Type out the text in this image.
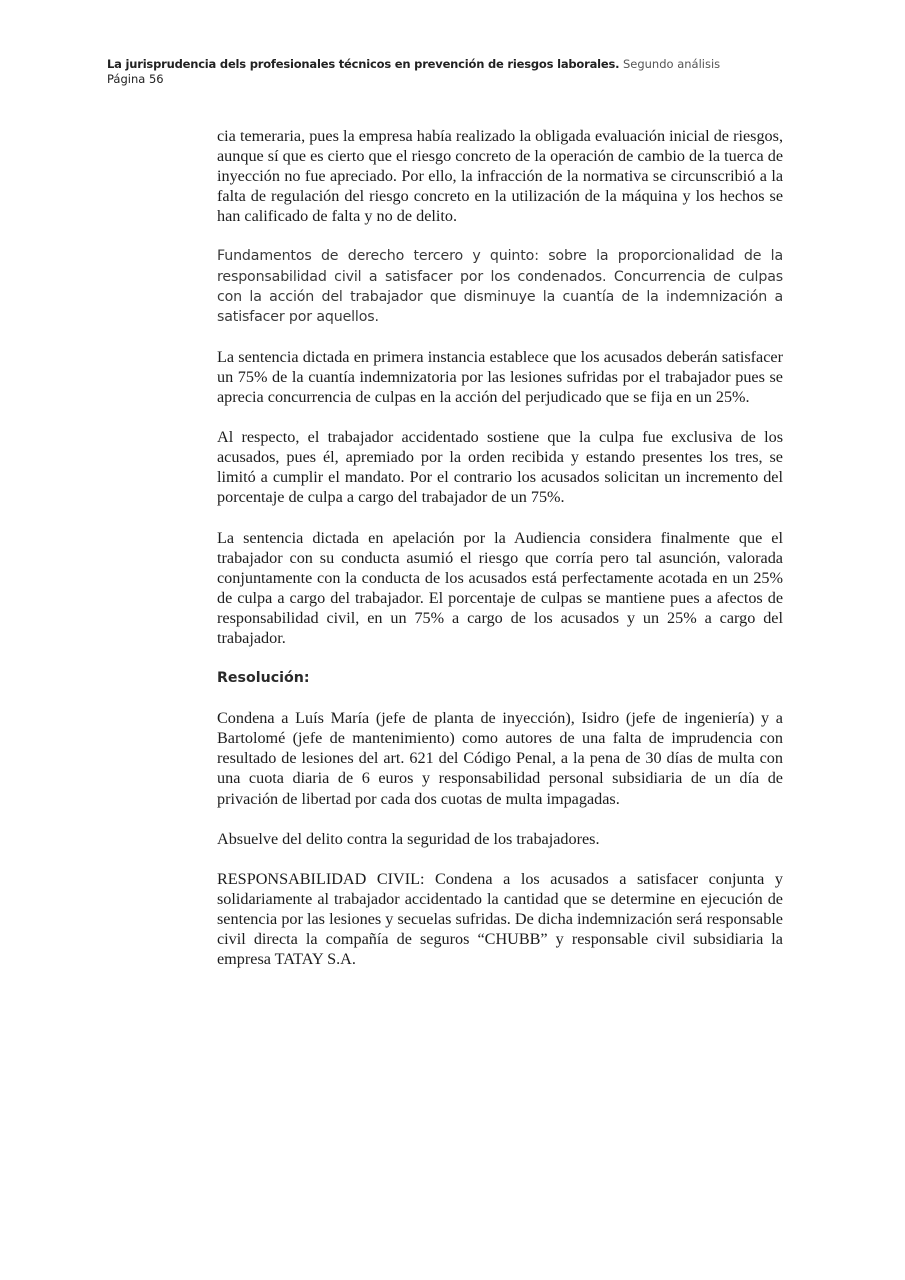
La jurisprudencia dels profesionales técnicos en prevención de riesgos laborales. Segundo análisis
Página 56

cia temeraria, pues la empresa había realizado la obligada evaluación inicial de riesgos, aunque sí que es cierto que el riesgo concreto de la operación de cambio de la tuerca de inyección no fue apreciado. Por ello, la infracción de la normativa se circunscribió a la falta de regulación del riesgo concreto en la utilización de la máquina y los hechos se han calificado de falta y no de delito.

Fundamentos de derecho tercero y quinto: sobre la proporcionalidad de la responsabilidad civil a satisfacer por los condenados. Concurrencia de culpas con la acción del trabajador que disminuye la cuantía de la indemnización a satisfacer por aquellos.

La sentencia dictada en primera instancia establece que los acusados deberán satisfacer un 75% de la cuantía indemnizatoria por las lesiones sufridas por el trabajador pues se aprecia concurrencia de culpas en la acción del perjudicado que se fija en un 25%.

Al respecto, el trabajador accidentado sostiene que la culpa fue exclusiva de los acusados, pues él, apremiado por la orden recibida y estando presentes los tres, se limitó a cumplir el mandato. Por el contrario los acusados solicitan un incremento del porcentaje de culpa a cargo del trabajador de un 75%.

La sentencia dictada en apelación por la Audiencia considera finalmente que el trabajador con su conducta asumió el riesgo que corría pero tal asunción, valorada conjuntamente con la conducta de los acusados está perfectamente acotada en un 25% de culpa a cargo del trabajador. El porcentaje de culpas se mantiene pues a afectos de responsabilidad civil, en un 75% a cargo de los acusados y un 25% a cargo del trabajador.

Resolución:

Condena a Luís María (jefe de planta de inyección), Isidro (jefe de ingeniería) y a Bartolomé (jefe de mantenimiento) como autores de una falta de imprudencia con resultado de lesiones del art. 621 del Código Penal, a la pena de 30 días de multa con una cuota diaria de 6 euros y responsabilidad personal subsidiaria de un día de privación de libertad por cada dos cuotas de multa impagadas.

Absuelve del delito contra la seguridad de los trabajadores.

RESPONSABILIDAD CIVIL: Condena a los acusados a satisfacer conjunta y solidariamente al trabajador accidentado la cantidad que se determine en ejecución de sentencia por las lesiones y secuelas sufridas. De dicha indemnización será responsable civil directa la compañía de seguros “CHUBB” y responsable civil subsidiaria la empresa TATAY S.A.
